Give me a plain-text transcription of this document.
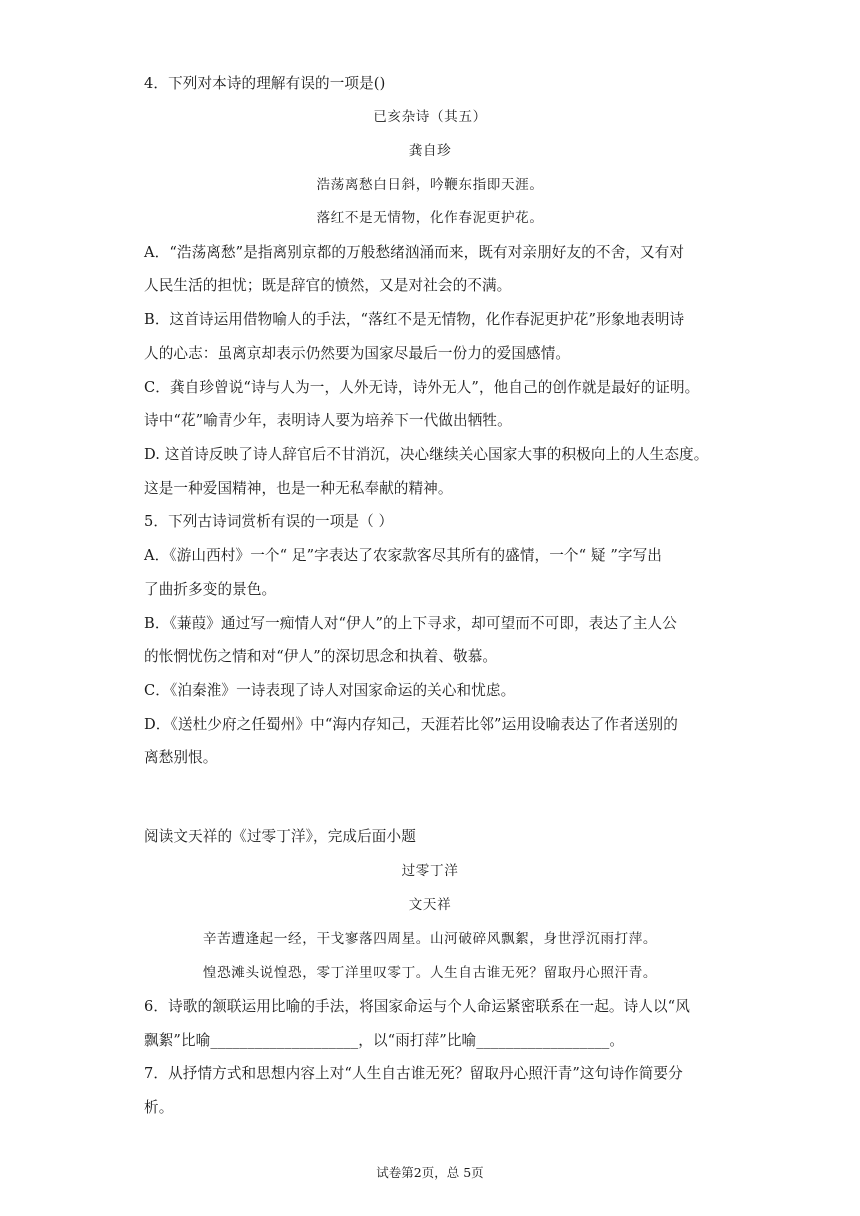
4．下列对本诗的理解有误的一项是()
已亥杂诗（其五）
龚自珍
浩荡离愁白日斜，吟鞭东指即天涯。
落红不是无情物，化作春泥更护花。
A．“浩荡离愁”是指离别京都的万般愁绪汹涌而来，既有对亲朋好友的不舍，又有对
人民生活的担忧；既是辞官的愤然，又是对社会的不满。
B．这首诗运用借物喻人的手法，“落红不是无情物，化作春泥更护花”形象地表明诗
人的心志：虽离京却表示仍然要为国家尽最后一份力的爱国感情。
C．龚自珍曾说“诗与人为一，人外无诗，诗外无人”，他自己的创作就是最好的证明。
诗中“花”喻青少年，表明诗人要为培养下一代做出牺牲。
D. 这首诗反映了诗人辞官后不甘消沉，决心继续关心国家大事的积极向上的人生态度。
这是一种爱国精神，也是一种无私奉献的精神。
5．下列古诗词赏析有误的一项是（ ）
A．《游山西村》一个“ 足”字表达了农家款客尽其所有的盛情，一个“ 疑 ”字写出
了曲折多变的景色。
B．《蒹葭》通过写一痴情人对“伊人”的上下寻求，却可望而不可即，表达了主人公
的怅惘忧伤之情和对“伊人”的深切思念和执着、敬慕。
C．《泊秦淮》一诗表现了诗人对国家命运的关心和忧虑。
D．《送杜少府之任蜀州》中“海内存知己，天涯若比邻”运用设喻表达了作者送别的
离愁别恨。
阅读文天祥的《过零丁洋》，完成后面小题
过零丁洋
文天祥
辛苦遭逢起一经，干戈寥落四周星。山河破碎风飘絮，身世浮沉雨打萍。
惶恐滩头说惶恐，零丁洋里叹零丁。人生自古谁无死？留取丹心照汗青。
6．诗歌的颔联运用比喻的手法，将国家命运与个人命运紧密联系在一起。诗人以“风
飘絮”比喻____________________，以“雨打萍”比喻__________________。
7．从抒情方式和思想内容上对“人生自古谁无死？留取丹心照汗青”这句诗作简要分
析。
试卷第2页，总 5页
